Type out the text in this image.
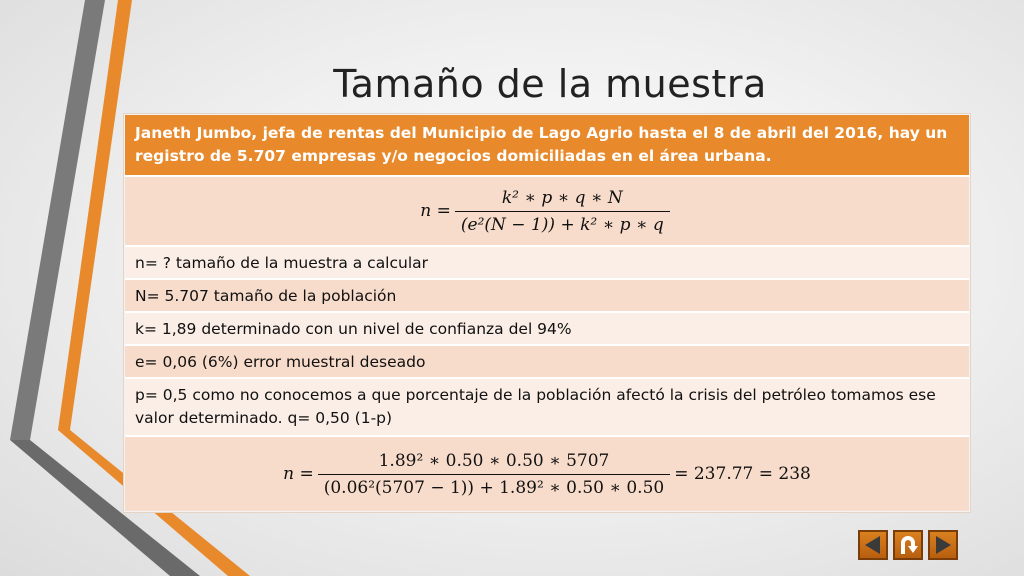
Tamaño de la muestra
Janeth Jumbo, jefa de rentas del Municipio de Lago Agrio hasta el 8 de abril del 2016, hay un registro de 5.707 empresas y/o negocios domiciliadas en el área urbana.
𝑛 = $\frac{\text{𝑘² ∗ 𝑝 ∗ 𝑞 ∗ 𝑁}}{\text{(𝑒²(𝑁 − 1)) + 𝑘² ∗ 𝑝 ∗ 𝑞}}$
n= ? tamaño de la muestra a calcular
N= 5.707 tamaño de la población
k= 1,89 determinado con un nivel de confianza del 94%
e= 0,06 (6%) error muestral deseado
p= 0,5 como no conocemos a que porcentaje de la población afectó la crisis del petróleo tomamos ese valor determinado. q= 0,50 (1-p)
𝑛 = $\frac{\text{1.89² ∗ 0.50 ∗ 0.50 ∗ 5707}}{\text{(0.06²(5707 − 1)) + 1.89² ∗ 0.50 ∗ 0.50}} = 237.77 = 238$
